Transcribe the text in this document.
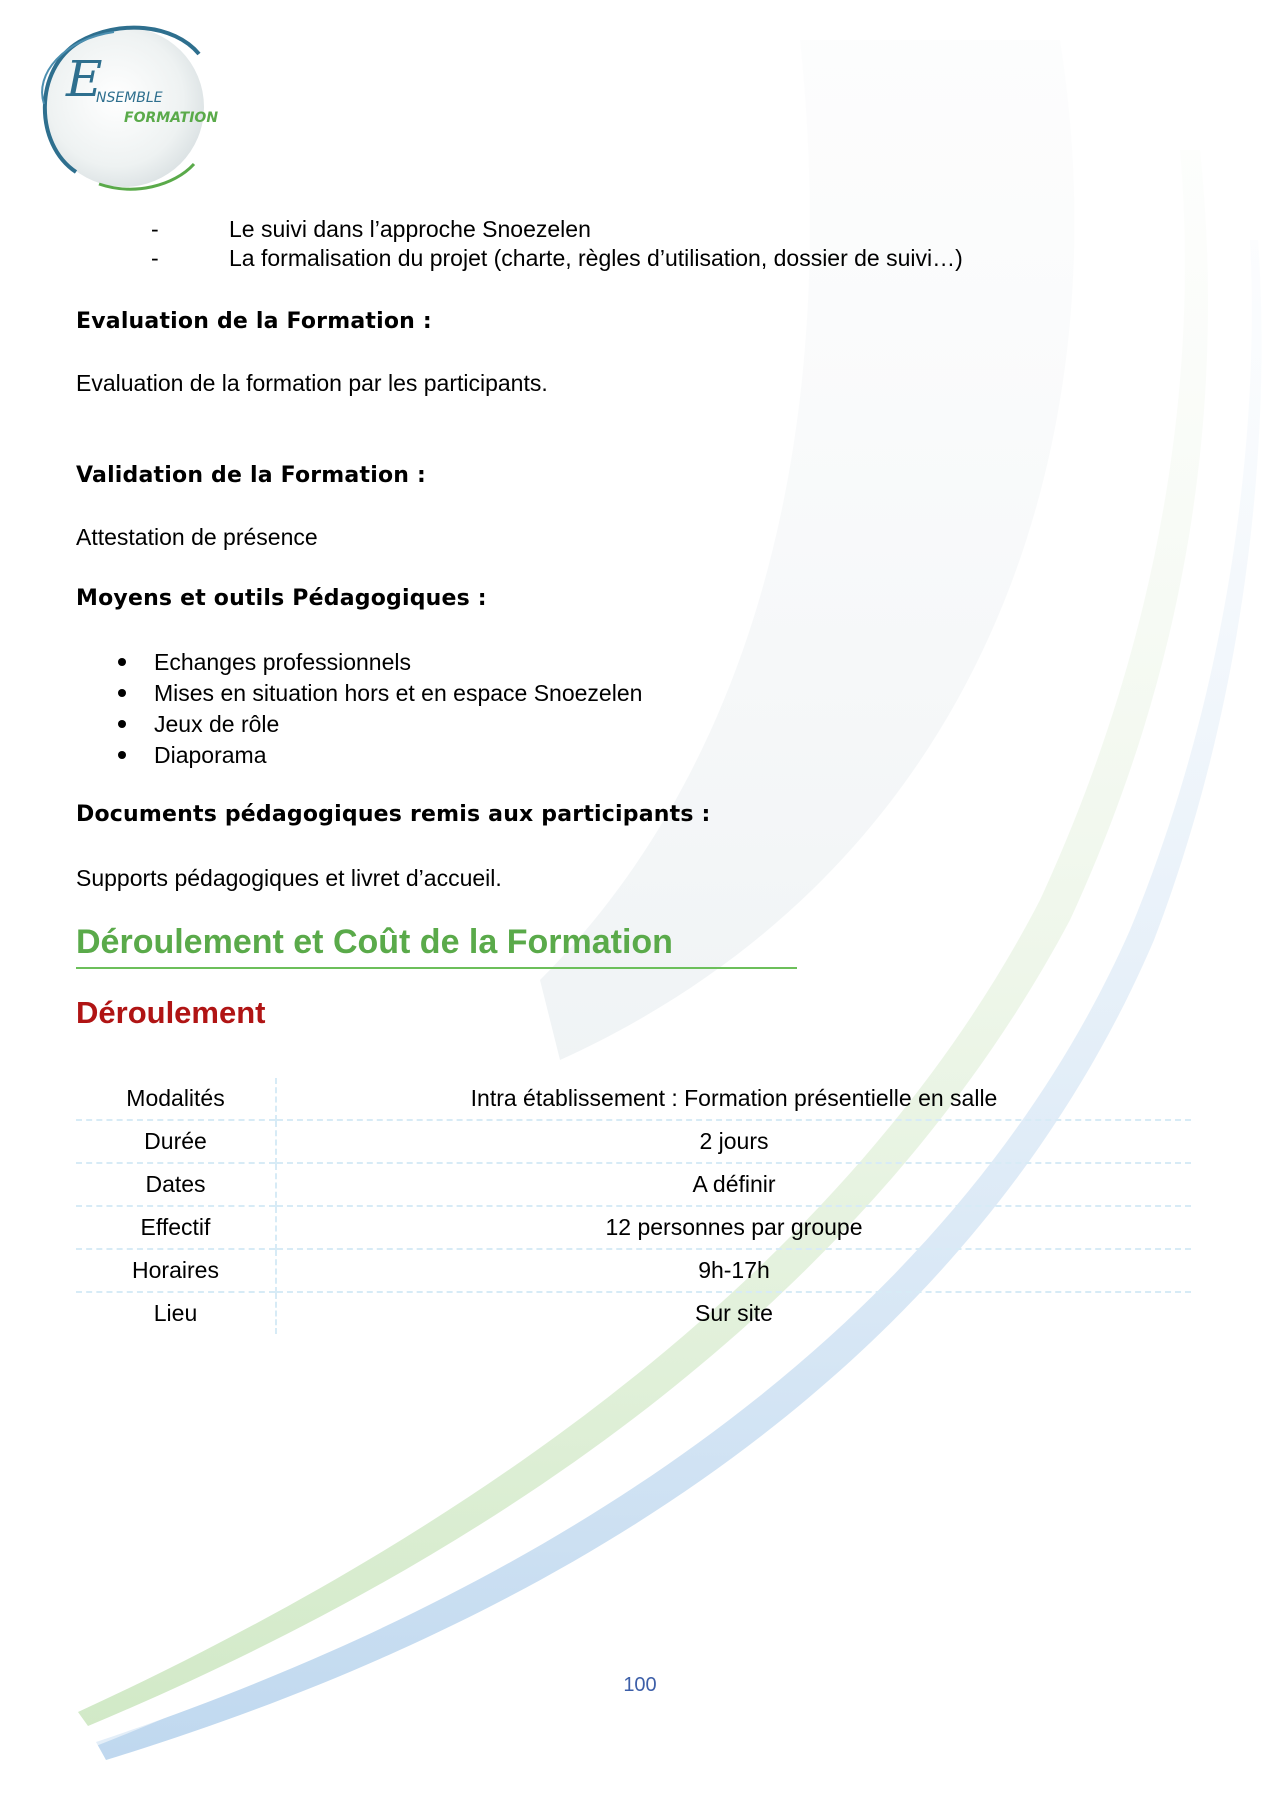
E
NSEMBLE
FORMATION
-	Le suivi dans l’approche Snoezelen
-	La formalisation du projet (charte, règles d’utilisation, dossier de suivi…)
Evaluation de la Formation :
Evaluation de la formation par les participants.
Validation de la Formation :
Attestation de présence
Moyens et outils Pédagogiques :
Echanges professionnels
Mises en situation hors et en espace Snoezelen
Jeux de rôle
Diaporama
Documents pédagogiques remis aux participants :
Supports pédagogiques et livret d’accueil.
Déroulement et Coût de la Formation
Déroulement
Modalités	Intra établissement : Formation présentielle en salle
Durée	2 jours
Dates	A définir
Effectif	12 personnes par groupe
Horaires	9h-17h
Lieu	Sur site
100
